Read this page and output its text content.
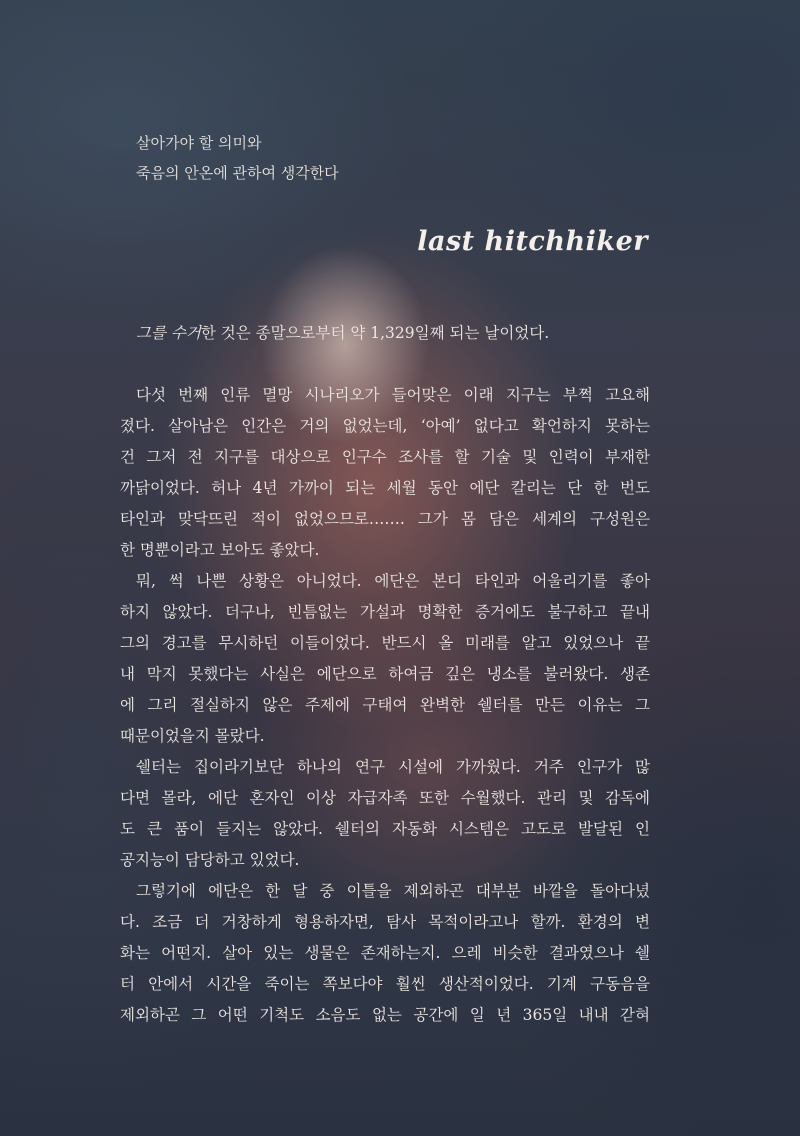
살아가야 할 의미와
죽음의 안온에 관하여 생각한다
last hitchhiker
그를 수거한 것은 종말으로부터 약 1,329일째 되는 날이었다.
다섯 번째 인류 멸망 시나리오가 들어맞은 이래 지구는 부쩍 고요해
졌다. 살아남은 인간은 거의 없었는데, ‘아예’ 없다고 확언하지 못하는
건 그저 전 지구를 대상으로 인구수 조사를 할 기술 및 인력이 부재한
까닭이었다. 허나 4년 가까이 되는 세월 동안 에단 칼리는 단 한 번도
타인과 맞닥뜨린 적이 없었으므로……. 그가 몸 담은 세계의 구성원은
한 명뿐이라고 보아도 좋았다.
뭐, 썩 나쁜 상황은 아니었다. 에단은 본디 타인과 어울리기를 좋아
하지 않았다. 더구나, 빈틈없는 가설과 명확한 증거에도 불구하고 끝내
그의 경고를 무시하던 이들이었다. 반드시 올 미래를 알고 있었으나 끝
내 막지 못했다는 사실은 에단으로 하여금 깊은 냉소를 불러왔다. 생존
에 그리 절실하지 않은 주제에 구태여 완벽한 쉘터를 만든 이유는 그
때문이었을지 몰랐다.
쉘터는 집이라기보단 하나의 연구 시설에 가까웠다. 거주 인구가 많
다면 몰라, 에단 혼자인 이상 자급자족 또한 수월했다. 관리 및 감독에
도 큰 품이 들지는 않았다. 쉘터의 자동화 시스템은 고도로 발달된 인
공지능이 담당하고 있었다.
그렇기에 에단은 한 달 중 이틀을 제외하곤 대부분 바깥을 돌아다녔
다. 조금 더 거창하게 형용하자면, 탐사 목적이라고나 할까. 환경의 변
화는 어떤지. 살아 있는 생물은 존재하는지. 으레 비슷한 결과였으나 쉘
터 안에서 시간을 죽이는 쪽보다야 훨씬 생산적이었다. 기계 구동음을
제외하곤 그 어떤 기척도 소음도 없는 공간에 일 년 365일 내내 갇혀
